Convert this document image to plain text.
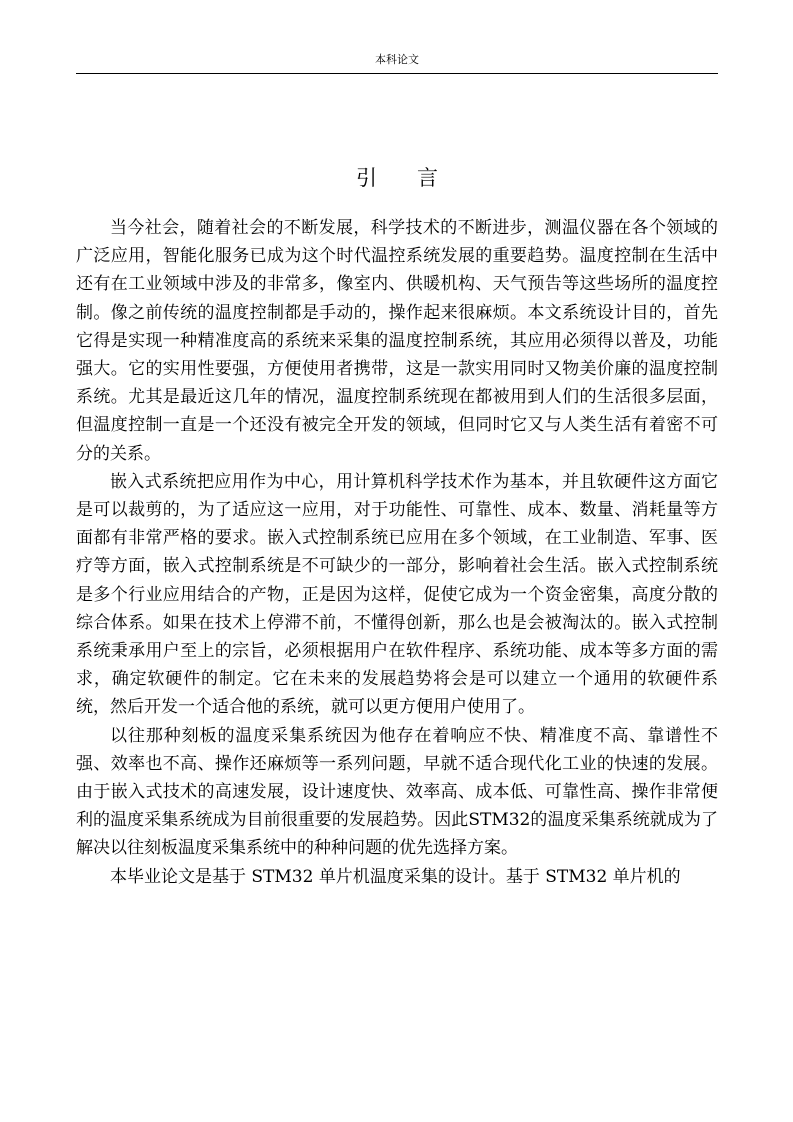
本科论文
引言

当今社会，随着社会的不断发展，科学技术的不断进步，测温仪器在各个领域的广泛应用，智能化服务已成为这个时代温控系统发展的重要趋势。温度控制在生活中还有在工业领域中涉及的非常多，像室内、供暖机构、天气预告等这些场所的温度控制。像之前传统的温度控制都是手动的，操作起来很麻烦。本文系统设计目的，首先它得是实现一种精准度高的系统来采集的温度控制系统，其应用必须得以普及，功能强大。它的实用性要强，方便使用者携带，这是一款实用同时又物美价廉的温度控制系统。尤其是最近这几年的情况，温度控制系统现在都被用到人们的生活很多层面，但温度控制一直是一个还没有被完全开发的领域，但同时它又与人类生活有着密不可分的关系。

嵌入式系统把应用作为中心，用计算机科学技术作为基本，并且软硬件这方面它是可以裁剪的，为了适应这一应用，对于功能性、可靠性、成本、数量、消耗量等方面都有非常严格的要求。嵌入式控制系统已应用在多个领域，在工业制造、军事、医疗等方面，嵌入式控制系统是不可缺少的一部分，影响着社会生活。嵌入式控制系统是多个行业应用结合的产物，正是因为这样，促使它成为一个资金密集，高度分散的综合体系。如果在技术上停滞不前，不懂得创新，那么也是会被淘汰的。嵌入式控制系统秉承用户至上的宗旨，必须根据用户在软件程序、系统功能、成本等多方面的需求，确定软硬件的制定。它在未来的发展趋势将会是可以建立一个通用的软硬件系统，然后开发一个适合他的系统，就可以更方便用户使用了。

以往那种刻板的温度采集系统因为他存在着响应不快、精准度不高、靠谱性不强、效率也不高、操作还麻烦等一系列问题，早就不适合现代化工业的快速的发展。由于嵌入式技术的高速发展，设计速度快、效率高、成本低、可靠性高、操作非常便利的温度采集系统成为目前很重要的发展趋势。因此STM32的温度采集系统就成为了解决以往刻板温度采集系统中的种种问题的优先选择方案。

本毕业论文是基于 STM32 单片机温度采集的设计。基于 STM32 单片机的
